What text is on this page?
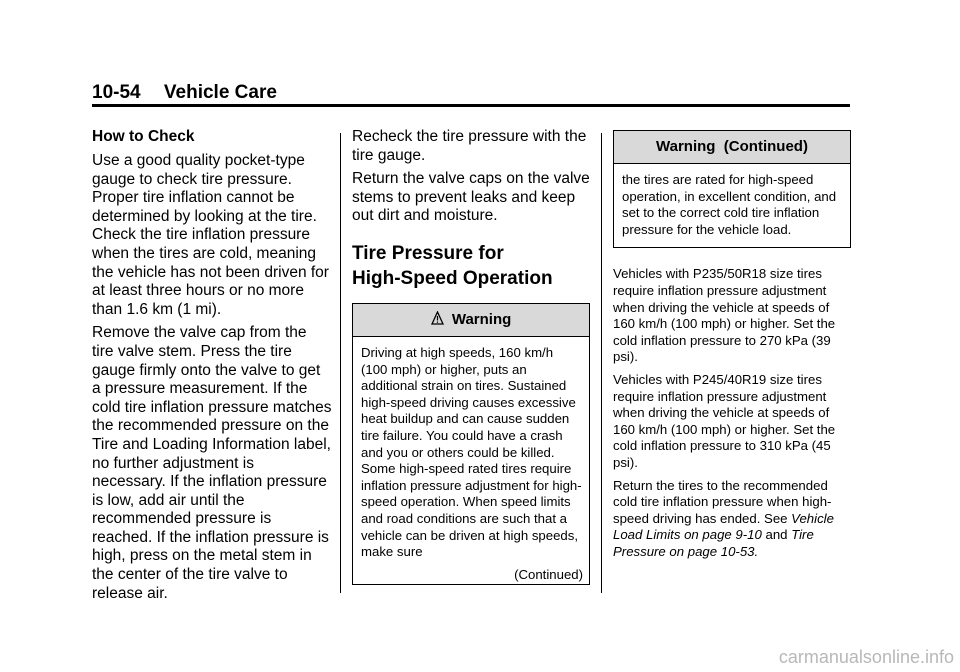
10-54 Vehicle Care
How to Check

Use a good quality pocket-type gauge to check tire pressure. Proper tire inflation cannot be determined by looking at the tire. Check the tire inflation pressure when the tires are cold, meaning the vehicle has not been driven for at least three hours or no more than 1.6 km (1 mi).

Remove the valve cap from the tire valve stem. Press the tire gauge firmly onto the valve to get a pressure measurement. If the cold tire inflation pressure matches the recommended pressure on the Tire and Loading Information label, no further adjustment is necessary. If the inflation pressure is low, add air until the recommended pressure is reached. If the inflation pressure is high, press on the metal stem in the center of the tire valve to release air.

Recheck the tire pressure with the tire gauge.

Return the valve caps on the valve stems to prevent leaks and keep out dirt and moisture.

Tire Pressure for
High-Speed Operation
Warning
Driving at high speeds, 160 km/h (100 mph) or higher, puts an additional strain on tires. Sustained high-speed driving causes excessive heat buildup and can cause sudden tire failure. You could have a crash and you or others could be killed. Some high-speed rated tires require inflation pressure adjustment for high-speed operation. When speed limits and road conditions are such that a vehicle can be driven at high speeds, make sure
(Continued)
Warning  (Continued)
the tires are rated for high-speed operation, in excellent condition, and set to the correct cold tire inflation pressure for the vehicle load.

Vehicles with P235/50R18 size tires require inflation pressure adjustment when driving the vehicle at speeds of 160 km/h (100 mph) or higher. Set the cold inflation pressure to 270 kPa (39 psi).

Vehicles with P245/40R19 size tires require inflation pressure adjustment when driving the vehicle at speeds of 160 km/h (100 mph) or higher. Set the cold inflation pressure to 310 kPa (45 psi).

Return the tires to the recommended cold tire inflation pressure when high-speed driving has ended. See Vehicle Load Limits on page 9-10 and Tire Pressure on page 10-53.

carmanualsonline.info
